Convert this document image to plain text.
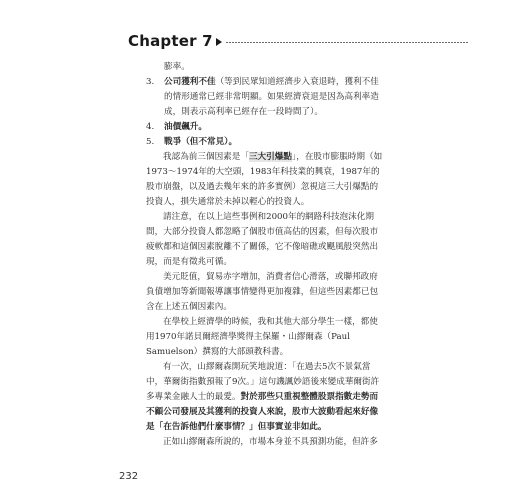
Chapter 7

膨率。

3.	公司獲利不佳（等到民眾知道經濟步入衰退時，獲利不佳的情形通常已經非常明顯。如果經濟衰退是因為高利率造成，則表示高利率已經存在一段時間了）。
4.	油價飆升。
5.	戰爭（但不常見）。

我認為前三個因素是「三大引爆點」，在股市膨脹時期（如1973～1974年的大空頭，1983年科技業的興衰，1987年的股市崩盤，以及過去幾年來的許多實例）忽視這三大引爆點的投資人，損失通常於未掉以輕心的投資人。

請注意，在以上這些事例和2000年的網路科技泡沫化期間，大部分投資人都忽略了個股市值高估的因素，但每次股市疲軟都和這個因素脫離不了關係，它不像暗礁或颶風般突然出現，而是有徵兆可循。

美元貶值，貿易赤字增加，消費者信心滑落，或聯邦政府負債增加等新聞報導讓事情變得更加複雜，但這些因素都已包含在上述五個因素內。

在學校上經濟學的時候，我和其他大部分學生一樣，都使用1970年諾貝爾經濟學獎得主保羅・山繆爾森（Paul Samuelson）撰寫的大部頭教科書。

有一次，山繆爾森開玩笑地說道：「在過去5次不景氣當中，華爾街指數預報了9次。」這句譏諷妙語後來變成華爾街許多專業金融人士的最愛。對於那些只重視整體股票指數走勢而不顧公司發展及其獲利的投資人來說，股市大波動看起來好像是「在告訴他們什麼事情？」但事實並非如此。

正如山繆爾森所說的，市場本身並不具預測功能，但許多

232
